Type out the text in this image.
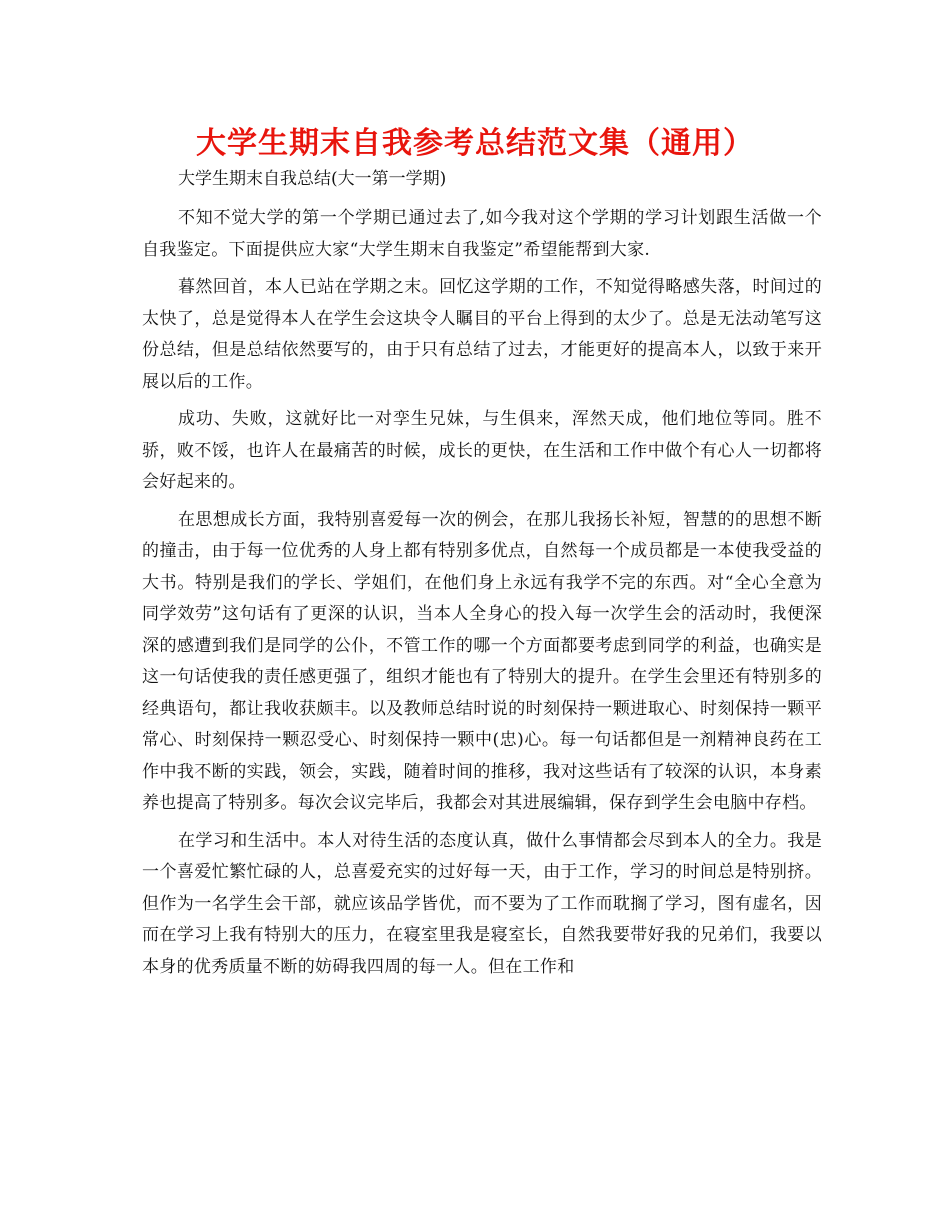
大学生期末自我参考总结范文集（通用）

大学生期末自我总结(大一第一学期)

不知不觉大学的第一个学期已通过去了,如今我对这个学期的学习计划跟生活做一个自我鉴定。下面提供应大家“大学生期末自我鉴定”希望能帮到大家.

暮然回首，本人已站在学期之末。回忆这学期的工作，不知觉得略感失落，时间过的太快了，总是觉得本人在学生会这块令人瞩目的平台上得到的太少了。总是无法动笔写这份总结，但是总结依然要写的，由于只有总结了过去，才能更好的提高本人，以致于来开展以后的工作。

成功、失败，这就好比一对孪生兄妹，与生俱来，浑然天成，他们地位等同。胜不骄，败不馁，也许人在最痛苦的时候，成长的更快，在生活和工作中做个有心人一切都将会好起来的。

在思想成长方面，我特别喜爱每一次的例会，在那儿我扬长补短，智慧的的思想不断的撞击，由于每一位优秀的人身上都有特别多优点，自然每一个成员都是一本使我受益的大书。特别是我们的学长、学姐们，在他们身上永远有我学不完的东西。对“全心全意为同学效劳”这句话有了更深的认识，当本人全身心的投入每一次学生会的活动时，我便深深的感遭到我们是同学的公仆，不管工作的哪一个方面都要考虑到同学的利益，也确实是这一句话使我的责任感更强了，组织才能也有了特别大的提升。在学生会里还有特别多的经典语句，都让我收获颇丰。以及教师总结时说的时刻保持一颗进取心、时刻保持一颗平常心、时刻保持一颗忍受心、时刻保持一颗中(忠)心。每一句话都但是一剂精神良药在工作中我不断的实践，领会，实践，随着时间的推移，我对这些话有了较深的认识，本身素养也提高了特别多。每次会议完毕后，我都会对其进展编辑，保存到学生会电脑中存档。

在学习和生活中。本人对待生活的态度认真，做什么事情都会尽到本人的全力。我是一个喜爱忙繁忙碌的人，总喜爱充实的过好每一天，由于工作，学习的时间总是特别挤。但作为一名学生会干部，就应该品学皆优，而不要为了工作而耽搁了学习，图有虚名，因而在学习上我有特别大的压力，在寝室里我是寝室长，自然我要带好我的兄弟们，我要以本身的优秀质量不断的妨碍我四周的每一人。但在工作和
